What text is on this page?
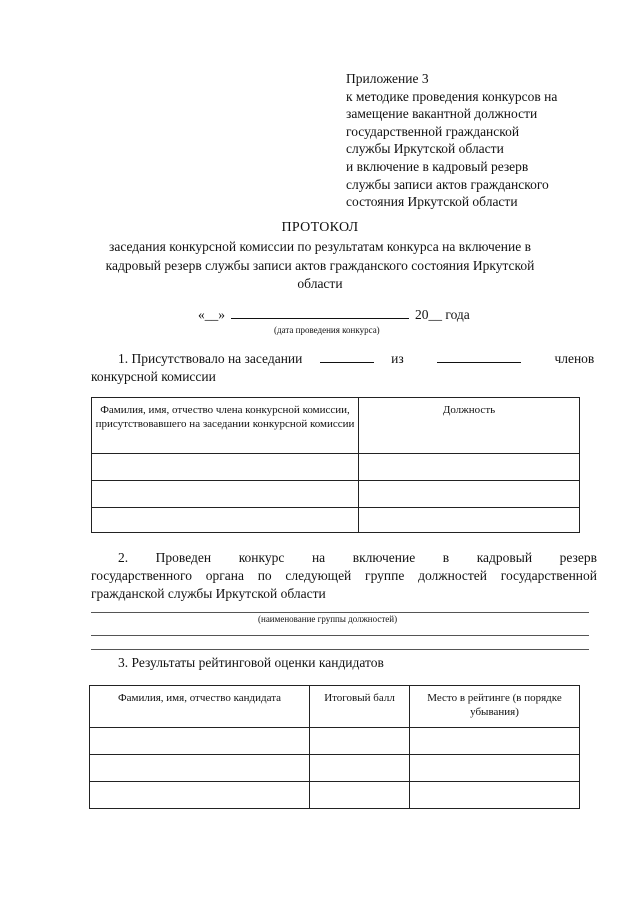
Приложение 3
к методике проведения конкурсов на
замещение вакантной должности
государственной гражданской
службы Иркутской области
и включение в кадровый резерв
службы записи актов гражданского
состояния Иркутской области
ПРОТОКОЛ
заседания конкурсной комиссии по результатам конкурса на включение в кадровый резерв службы записи актов гражданского состояния Иркутской области
«__»	20__ года
(дата проведения конкурса)
1. Присутствовало на заседании	из	членов
конкурсной комиссии
Фамилия, имя, отчество члена конкурсной комиссии, присутствовавшего на заседании конкурсной комиссии	Должность

2. Проведен конкурс на включение в кадровый резерв
государственного органа по следующей группе должностей государственной
гражданской службы Иркутской области
(наименование группы должностей)
3. Результаты рейтинговой оценки кандидатов
Фамилия, имя, отчество кандидата	Итоговый балл	Место в рейтинге (в порядке убывания)
